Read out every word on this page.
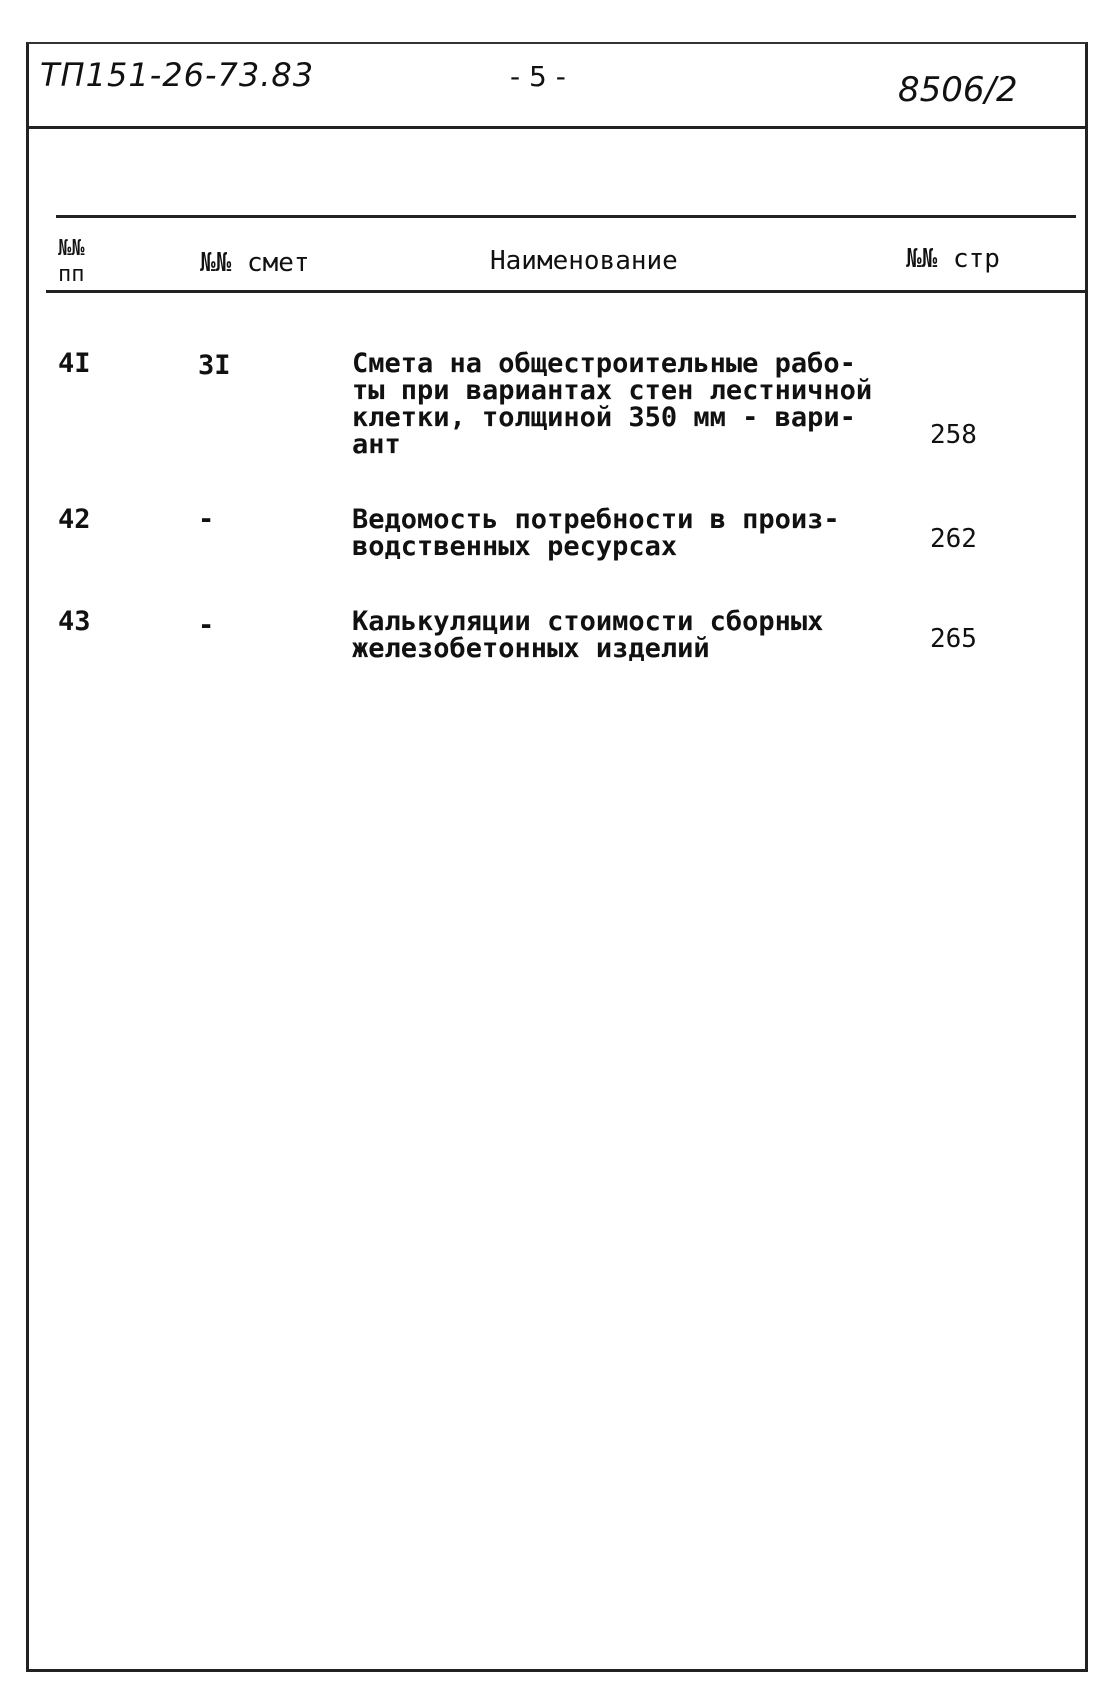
ТП151-26-73.83	- 5 -	8506/2
№№
пп	№№ смет	Наименование	№№ стр
4I	3I	Смета на общестроительные рабо-
ты при вариантах стен лестничной
клетки, толщиной 350 мм - вари-
ант	258
42	-	Ведомость потребности в произ-
водственных ресурсах	262
43	-	Калькуляции стоимости сборных
железобетонных изделий	265
